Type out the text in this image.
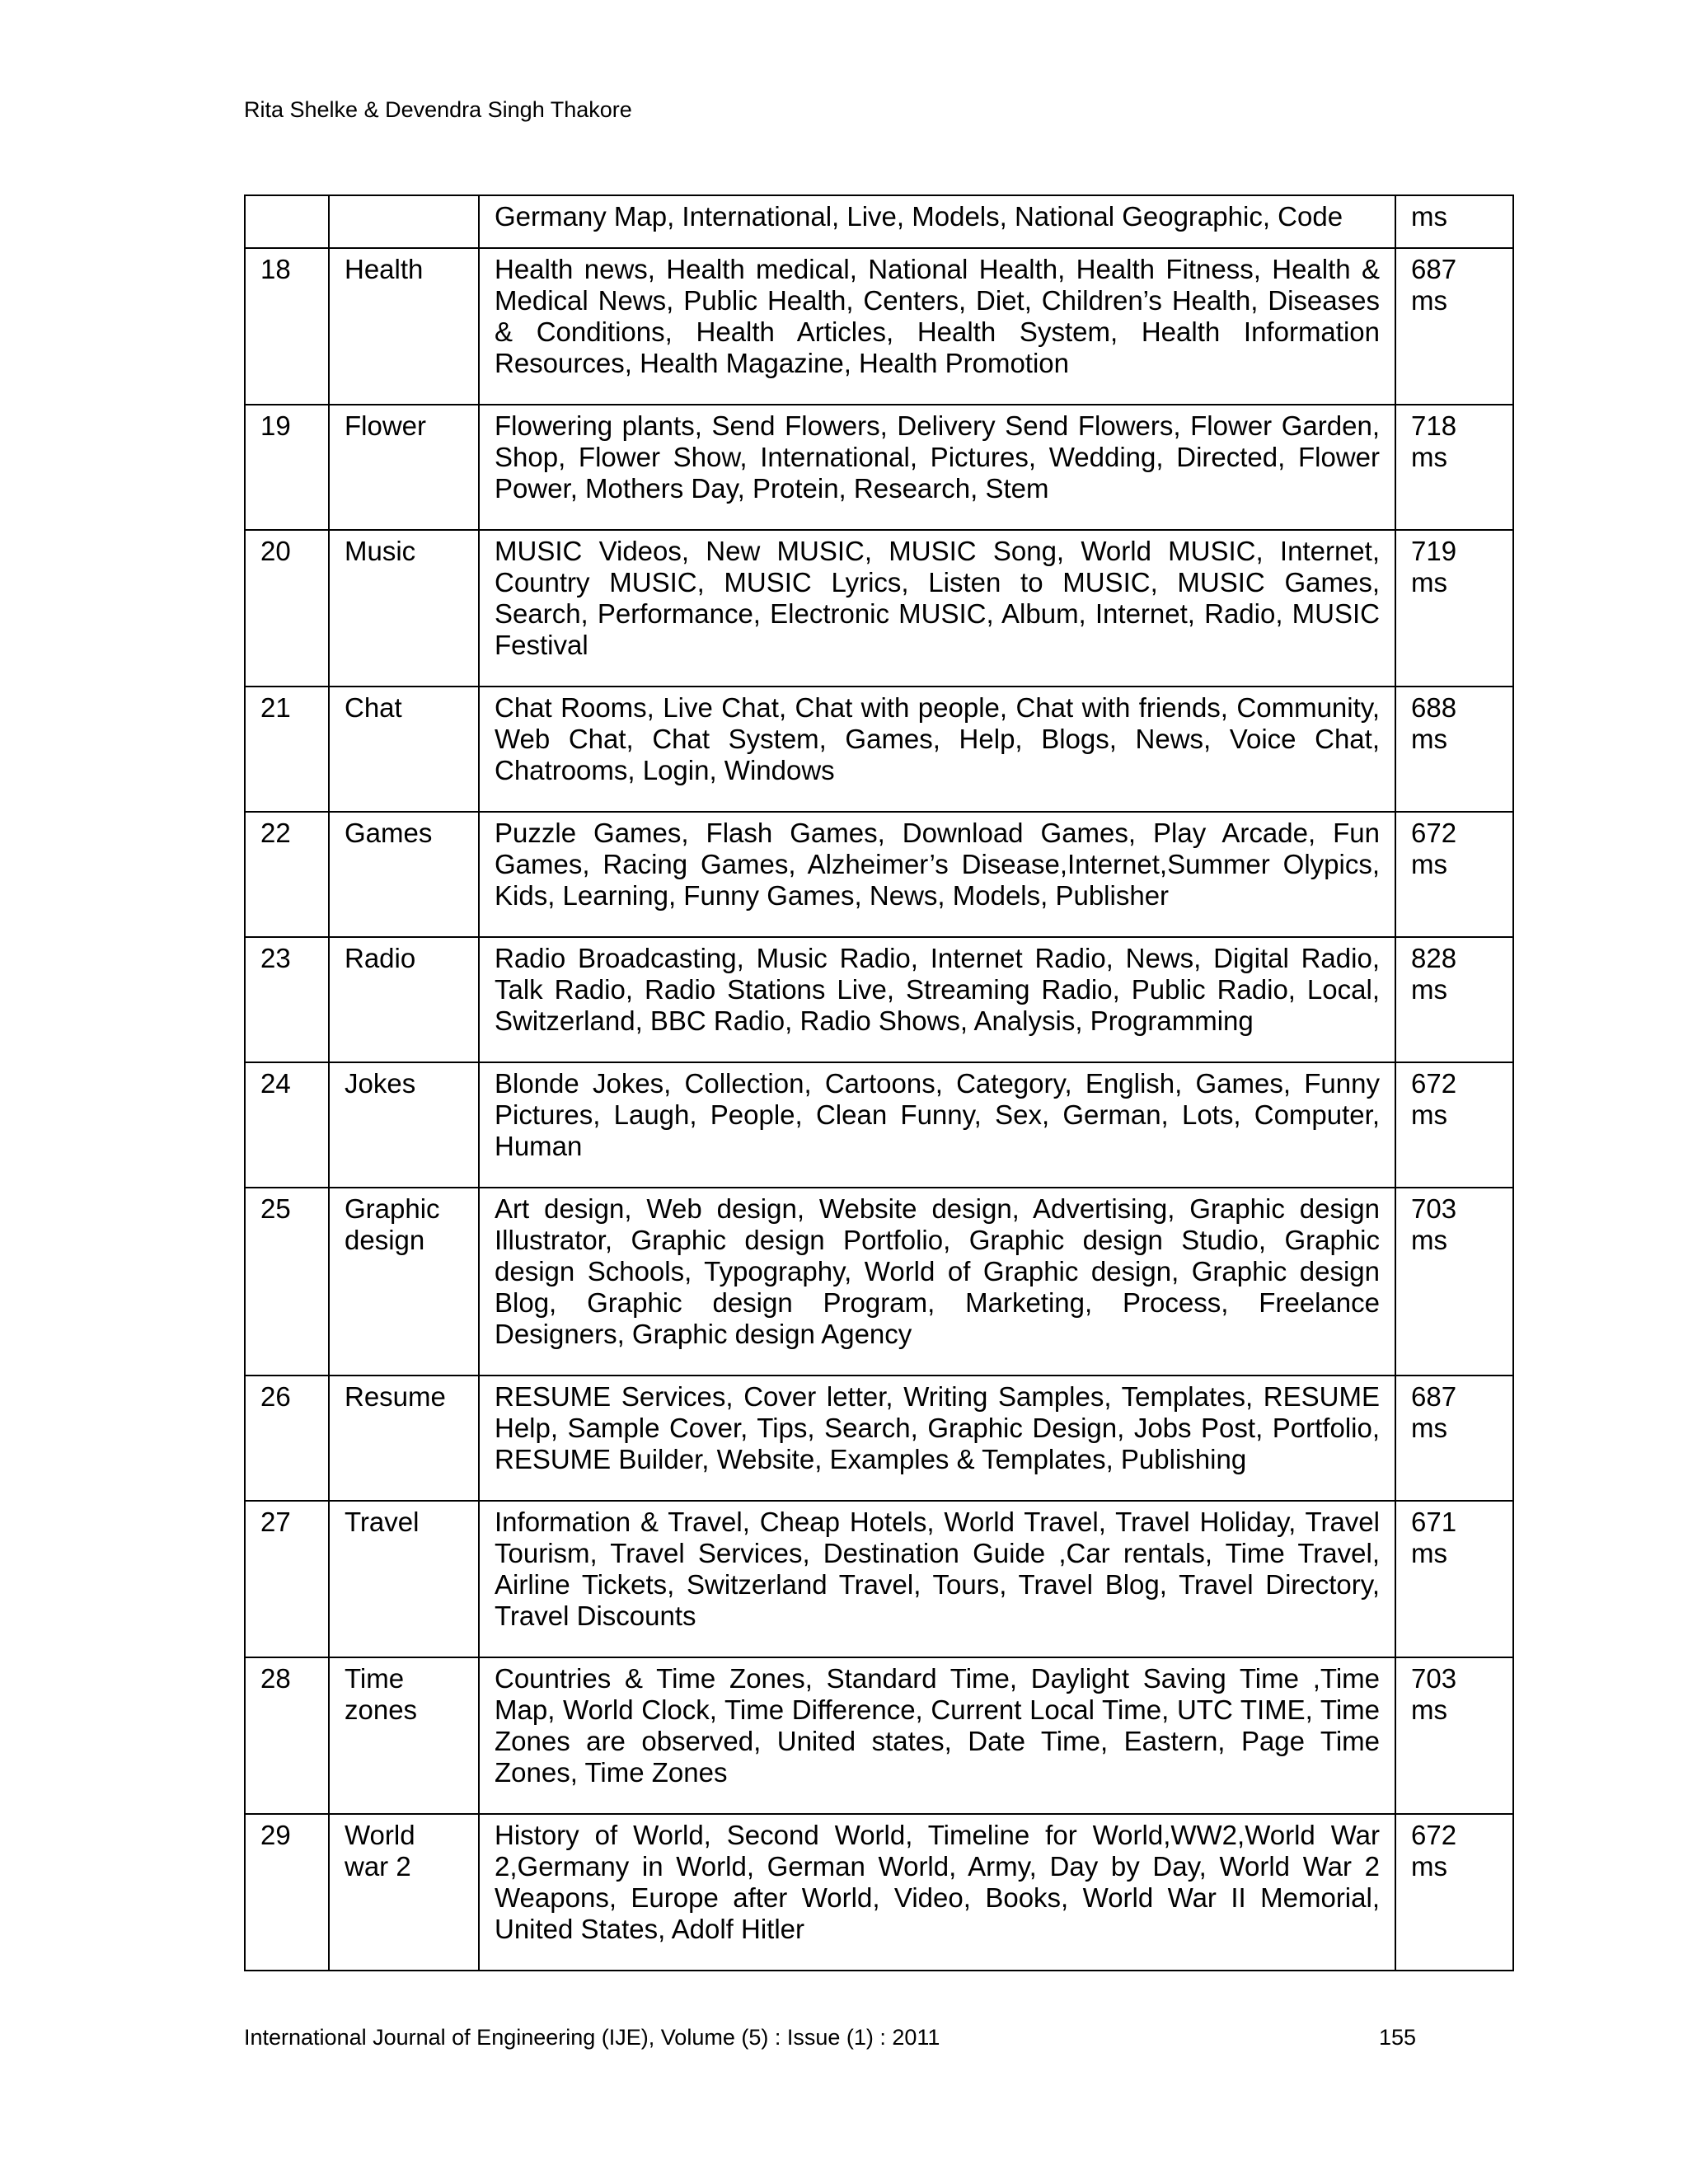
Rita Shelke & Devendra Singh Thakore
		Germany Map, International, Live, Models, National Geographic, Code	ms
18	Health	Health news, Health medical, National Health, Health Fitness, Health & Medical News, Public Health, Centers, Diet, Children’s Health, Diseases & Conditions, Health Articles, Health System, Health Information Resources, Health Magazine, Health Promotion	687 ms
19	Flower	Flowering plants, Send Flowers, Delivery Send Flowers, Flower Garden, Shop, Flower Show, International, Pictures, Wedding, Directed, Flower Power, Mothers Day, Protein, Research, Stem	718 ms
20	Music	MUSIC Videos, New MUSIC, MUSIC Song, World MUSIC, Internet, Country MUSIC, MUSIC Lyrics, Listen to MUSIC, MUSIC Games, Search, Performance, Electronic MUSIC, Album, Internet, Radio, MUSIC Festival	719 ms
21	Chat	Chat Rooms, Live Chat, Chat with people, Chat with friends, Community, Web Chat, Chat System, Games, Help, Blogs, News, Voice Chat, Chatrooms, Login, Windows	688 ms
22	Games	Puzzle Games, Flash Games, Download Games, Play Arcade, Fun Games, Racing Games, Alzheimer’s Disease,Internet,Summer Olypics, Kids, Learning, Funny Games, News, Models, Publisher	672 ms
23	Radio	Radio Broadcasting, Music Radio, Internet Radio, News, Digital Radio, Talk Radio, Radio Stations Live, Streaming Radio, Public Radio, Local, Switzerland, BBC Radio, Radio Shows, Analysis, Programming	828 ms
24	Jokes	Blonde Jokes, Collection, Cartoons, Category, English, Games, Funny Pictures, Laugh, People, Clean Funny, Sex, German, Lots, Computer, Human	672 ms
25	Graphic design	Art design, Web design, Website design, Advertising, Graphic design Illustrator, Graphic design Portfolio, Graphic design Studio, Graphic design Schools, Typography, World of Graphic design, Graphic design Blog, Graphic design Program, Marketing, Process, Freelance Designers, Graphic design Agency	703 ms
26	Resume	RESUME Services, Cover letter, Writing Samples, Templates, RESUME Help, Sample Cover, Tips, Search, Graphic Design, Jobs Post, Portfolio, RESUME Builder, Website, Examples & Templates, Publishing	687 ms
27	Travel	Information & Travel, Cheap Hotels, World Travel, Travel Holiday, Travel Tourism, Travel Services, Destination Guide ,Car rentals, Time Travel, Airline Tickets, Switzerland Travel, Tours, Travel Blog, Travel Directory, Travel Discounts	671 ms
28	Time zones	Countries & Time Zones, Standard Time, Daylight Saving Time ,Time Map, World Clock, Time Difference, Current Local Time, UTC TIME, Time Zones are observed, United states, Date Time, Eastern, Page Time Zones, Time Zones	703 ms
29	World war 2	History of World, Second World, Timeline for World,WW2,World War 2,Germany in World, German World, Army, Day by Day, World War 2 Weapons, Europe after World, Video, Books, World War II Memorial, United States, Adolf Hitler	672 ms
International Journal of Engineering (IJE), Volume (5) : Issue (1) : 2011	155
